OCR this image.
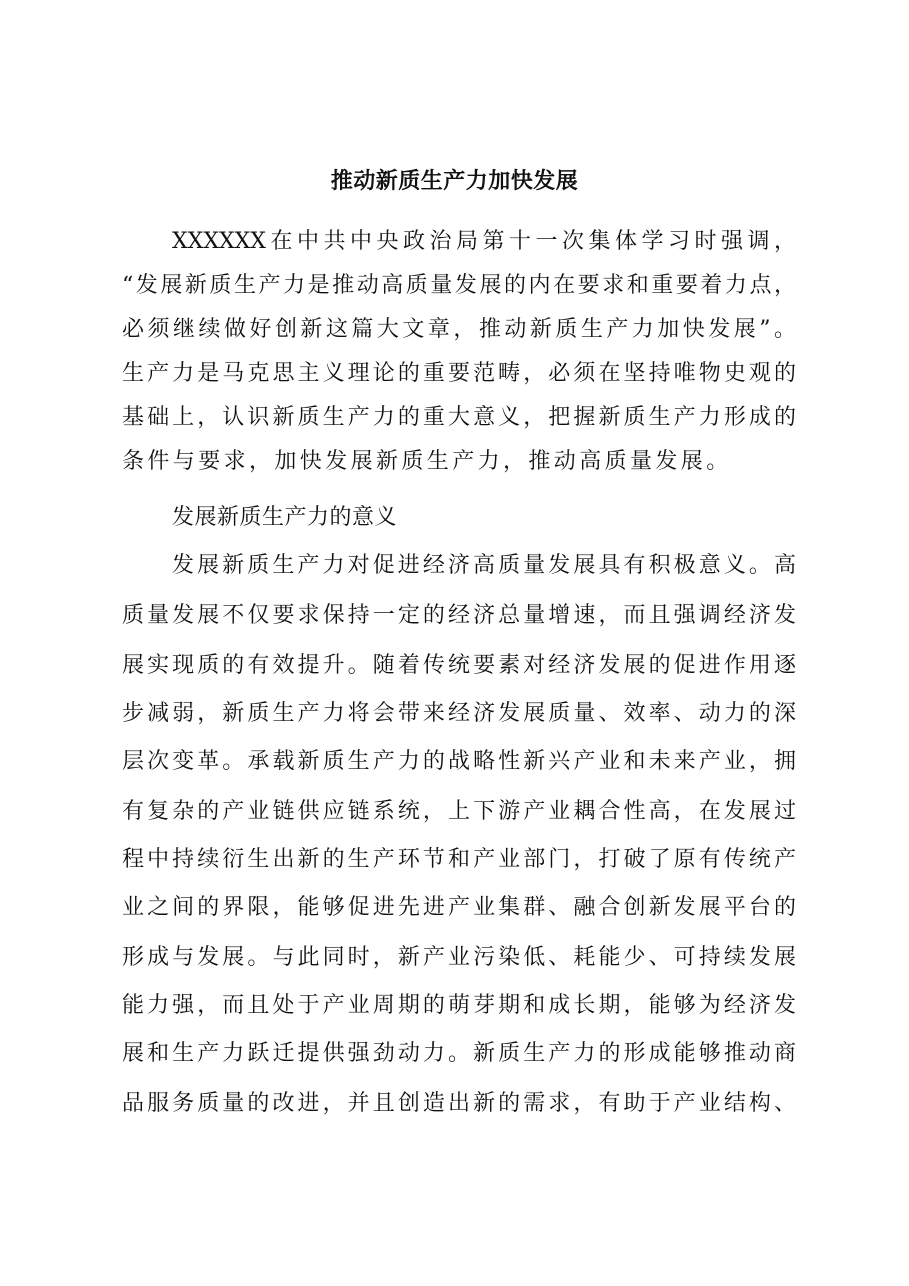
推动新质生产力加快发展
XXXXXX在中共中央政治局第十一次集体学习时强调，
“发展新质生产力是推动高质量发展的内在要求和重要着力点，
必须继续做好创新这篇大文章，推动新质生产力加快发展”。
生产力是马克思主义理论的重要范畴，必须在坚持唯物史观的
基础上，认识新质生产力的重大意义，把握新质生产力形成的
条件与要求，加快发展新质生产力，推动高质量发展。
发展新质生产力的意义
发展新质生产力对促进经济高质量发展具有积极意义。高
质量发展不仅要求保持一定的经济总量增速，而且强调经济发
展实现质的有效提升。随着传统要素对经济发展的促进作用逐
步减弱，新质生产力将会带来经济发展质量、效率、动力的深
层次变革。承载新质生产力的战略性新兴产业和未来产业，拥
有复杂的产业链供应链系统，上下游产业耦合性高，在发展过
程中持续衍生出新的生产环节和产业部门，打破了原有传统产
业之间的界限，能够促进先进产业集群、融合创新发展平台的
形成与发展。与此同时，新产业污染低、耗能少、可持续发展
能力强，而且处于产业周期的萌芽期和成长期，能够为经济发
展和生产力跃迁提供强劲动力。新质生产力的形成能够推动商
品服务质量的改进，并且创造出新的需求，有助于产业结构、
